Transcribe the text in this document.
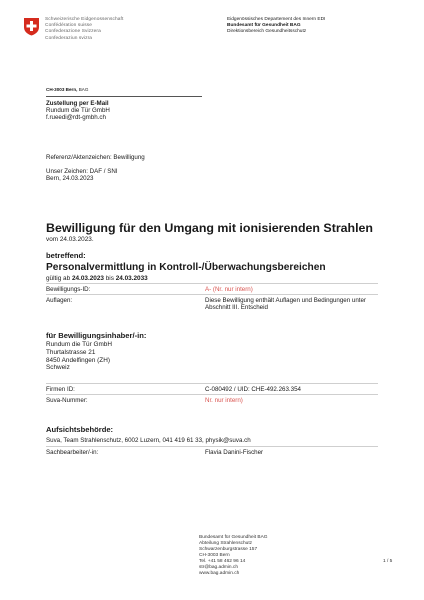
Schweizerische Eidgenossenschaft
Confédération suisse
Confederazione Svizzera
Confederaziun svizra
Eidgenössisches Departement des Innern EDI
Bundesamt für Gesundheit BAG
Direktionsbereich Gesundheitsschutz
CH-3003 Bern, BAG
Zustellung per E-Mail
Rundum die Tür GmbH
f.rueedi@rdt-gmbh.ch
Referenz/Aktenzeichen: Bewilligung
Unser Zeichen: DAF / SNI
Bern, 24.03.2023
Bewilligung für den Umgang mit ionisierenden Strahlen
vom 24.03.2023.
betreffend:
Personalvermittlung in Kontroll-/Überwachungsbereichen
gültig ab 24.03.2023 bis 24.03.2033
Bewilligungs-ID:	A- (Nr. nur intern)
Auflagen:	Diese Bewilligung enthält Auflagen und Bedingungen unter Abschnitt III. Entscheid
für Bewilligungsinhaber/-in:
Rundum die Tür GmbH
Thurtalstrasse 21
8450 Andelfingen (ZH)
Schweiz
Firmen ID:	C-080492 / UID: CHE-492.263.354
Suva-Nummer:	Nr. nur intern)
Aufsichtsbehörde:
Suva, Team Strahlenschutz, 6002 Luzern, 041 419 61 33, physik@suva.ch
Sachbearbeiter/-in:	Flavia Danini-Fischer
Bundesamt für Gesundheit BAG
Abteilung Strahlenschutz
Schwarzenburgstrasse 157
CH-3003 Bern
Tel. +41 58 462 96 14
str@bag.admin.ch
www.bag.admin.ch
1 / 5
